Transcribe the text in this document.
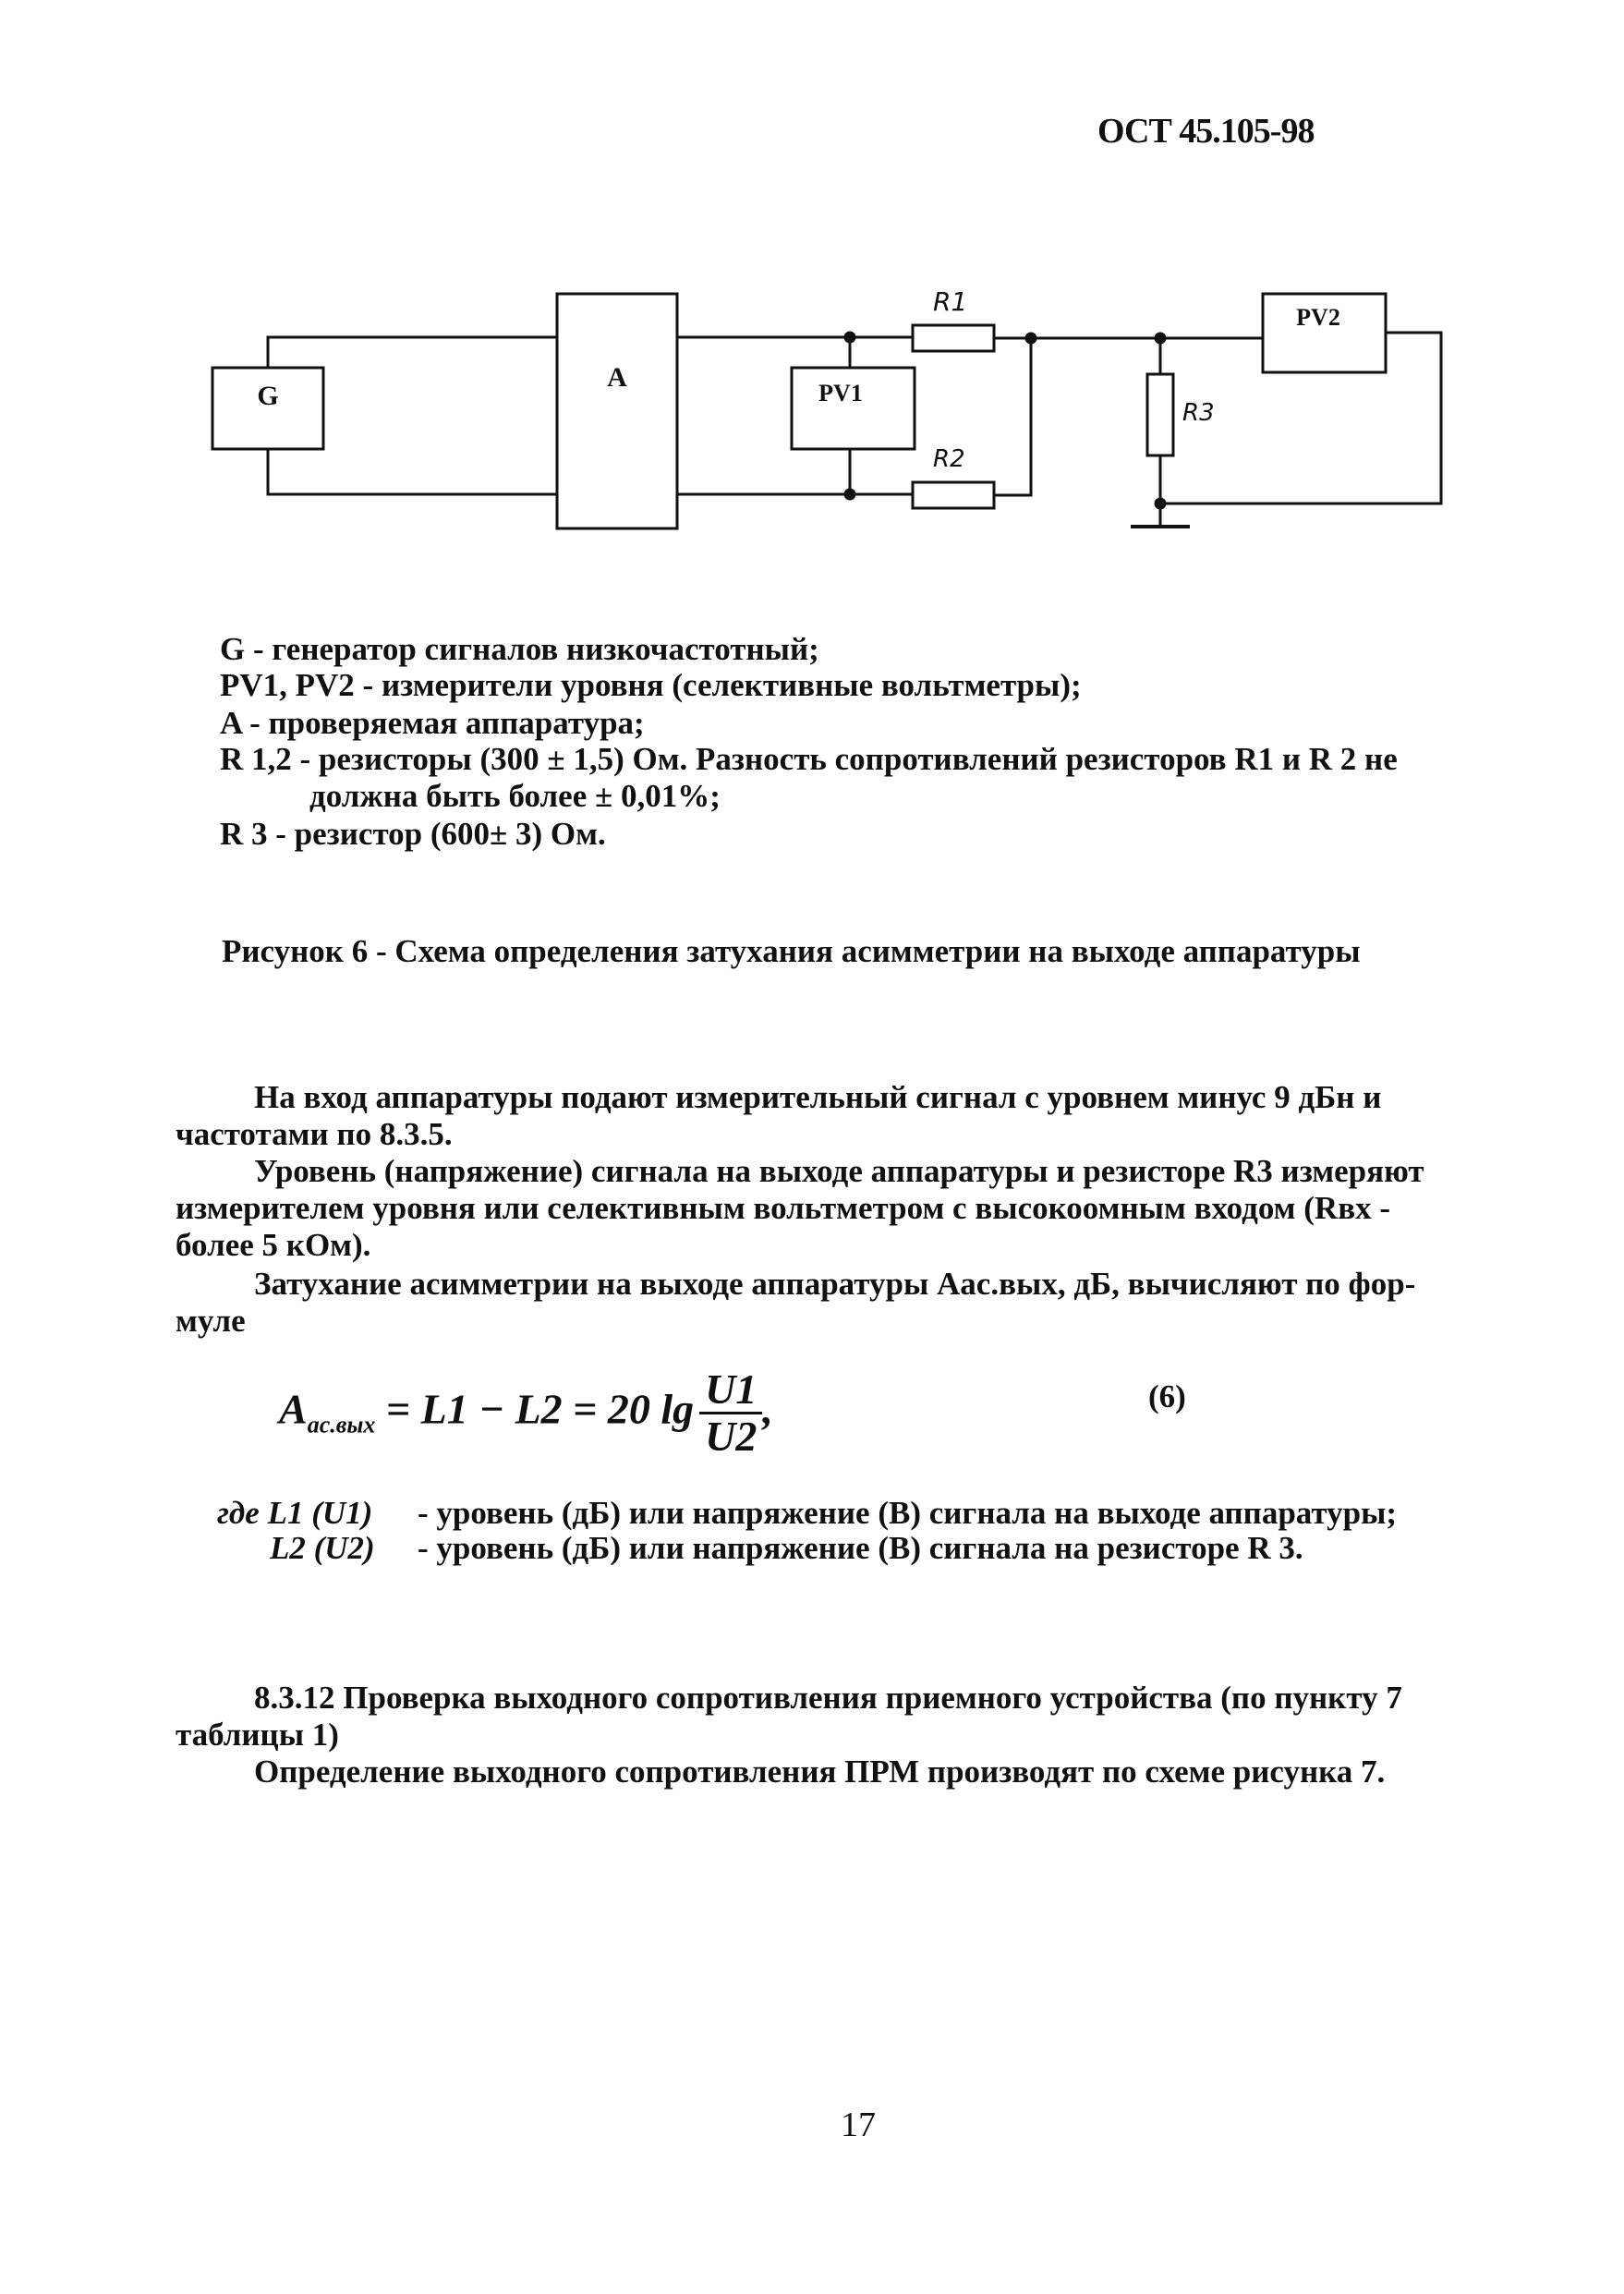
ОСТ 45.105-98
G
A
PV1
PV2
R1
R2
R3
G - генератор сигналов низкочастотный;
PV1, PV2 - измерители уровня (селективные вольтметры);
A - проверяемая аппаратура;
R 1,2 - резисторы (300 ± 1,5) Ом. Разность сопротивлений резисторов R1 и R 2 не
должна быть более ± 0,01%;
R 3 - резистор (600± 3) Ом.
Рисунок 6 - Схема определения затухания асимметрии на выходе аппаратуры
На вход аппаратуры подают измерительный сигнал с уровнем минус 9 дБн и
частотами по 8.3.5.
Уровень (напряжение) сигнала на выходе аппаратуры и резисторе R3 измеряют
измерителем уровня или селективным вольтметром с высокоомным входом (Rвх -
более 5 кОм).
Затухание асимметрии на выходе аппаратуры Aас.вых, дБ, вычисляют по фор-
муле
$A_{ас.вых} = L1 - L2 = 20$ $\lg \frac{U1}{U2}$ ,	(6)
где L1 (U1) - уровень (дБ) или напряжение (В) сигнала на выходе аппаратуры;
L2 (U2) - уровень (дБ) или напряжение (В) сигнала на резисторе R 3.
8.3.12 Проверка выходного сопротивления приемного устройства (по пункту 7
таблицы 1)
Определение выходного сопротивления ПРМ производят по схеме рисунка 7.
17
